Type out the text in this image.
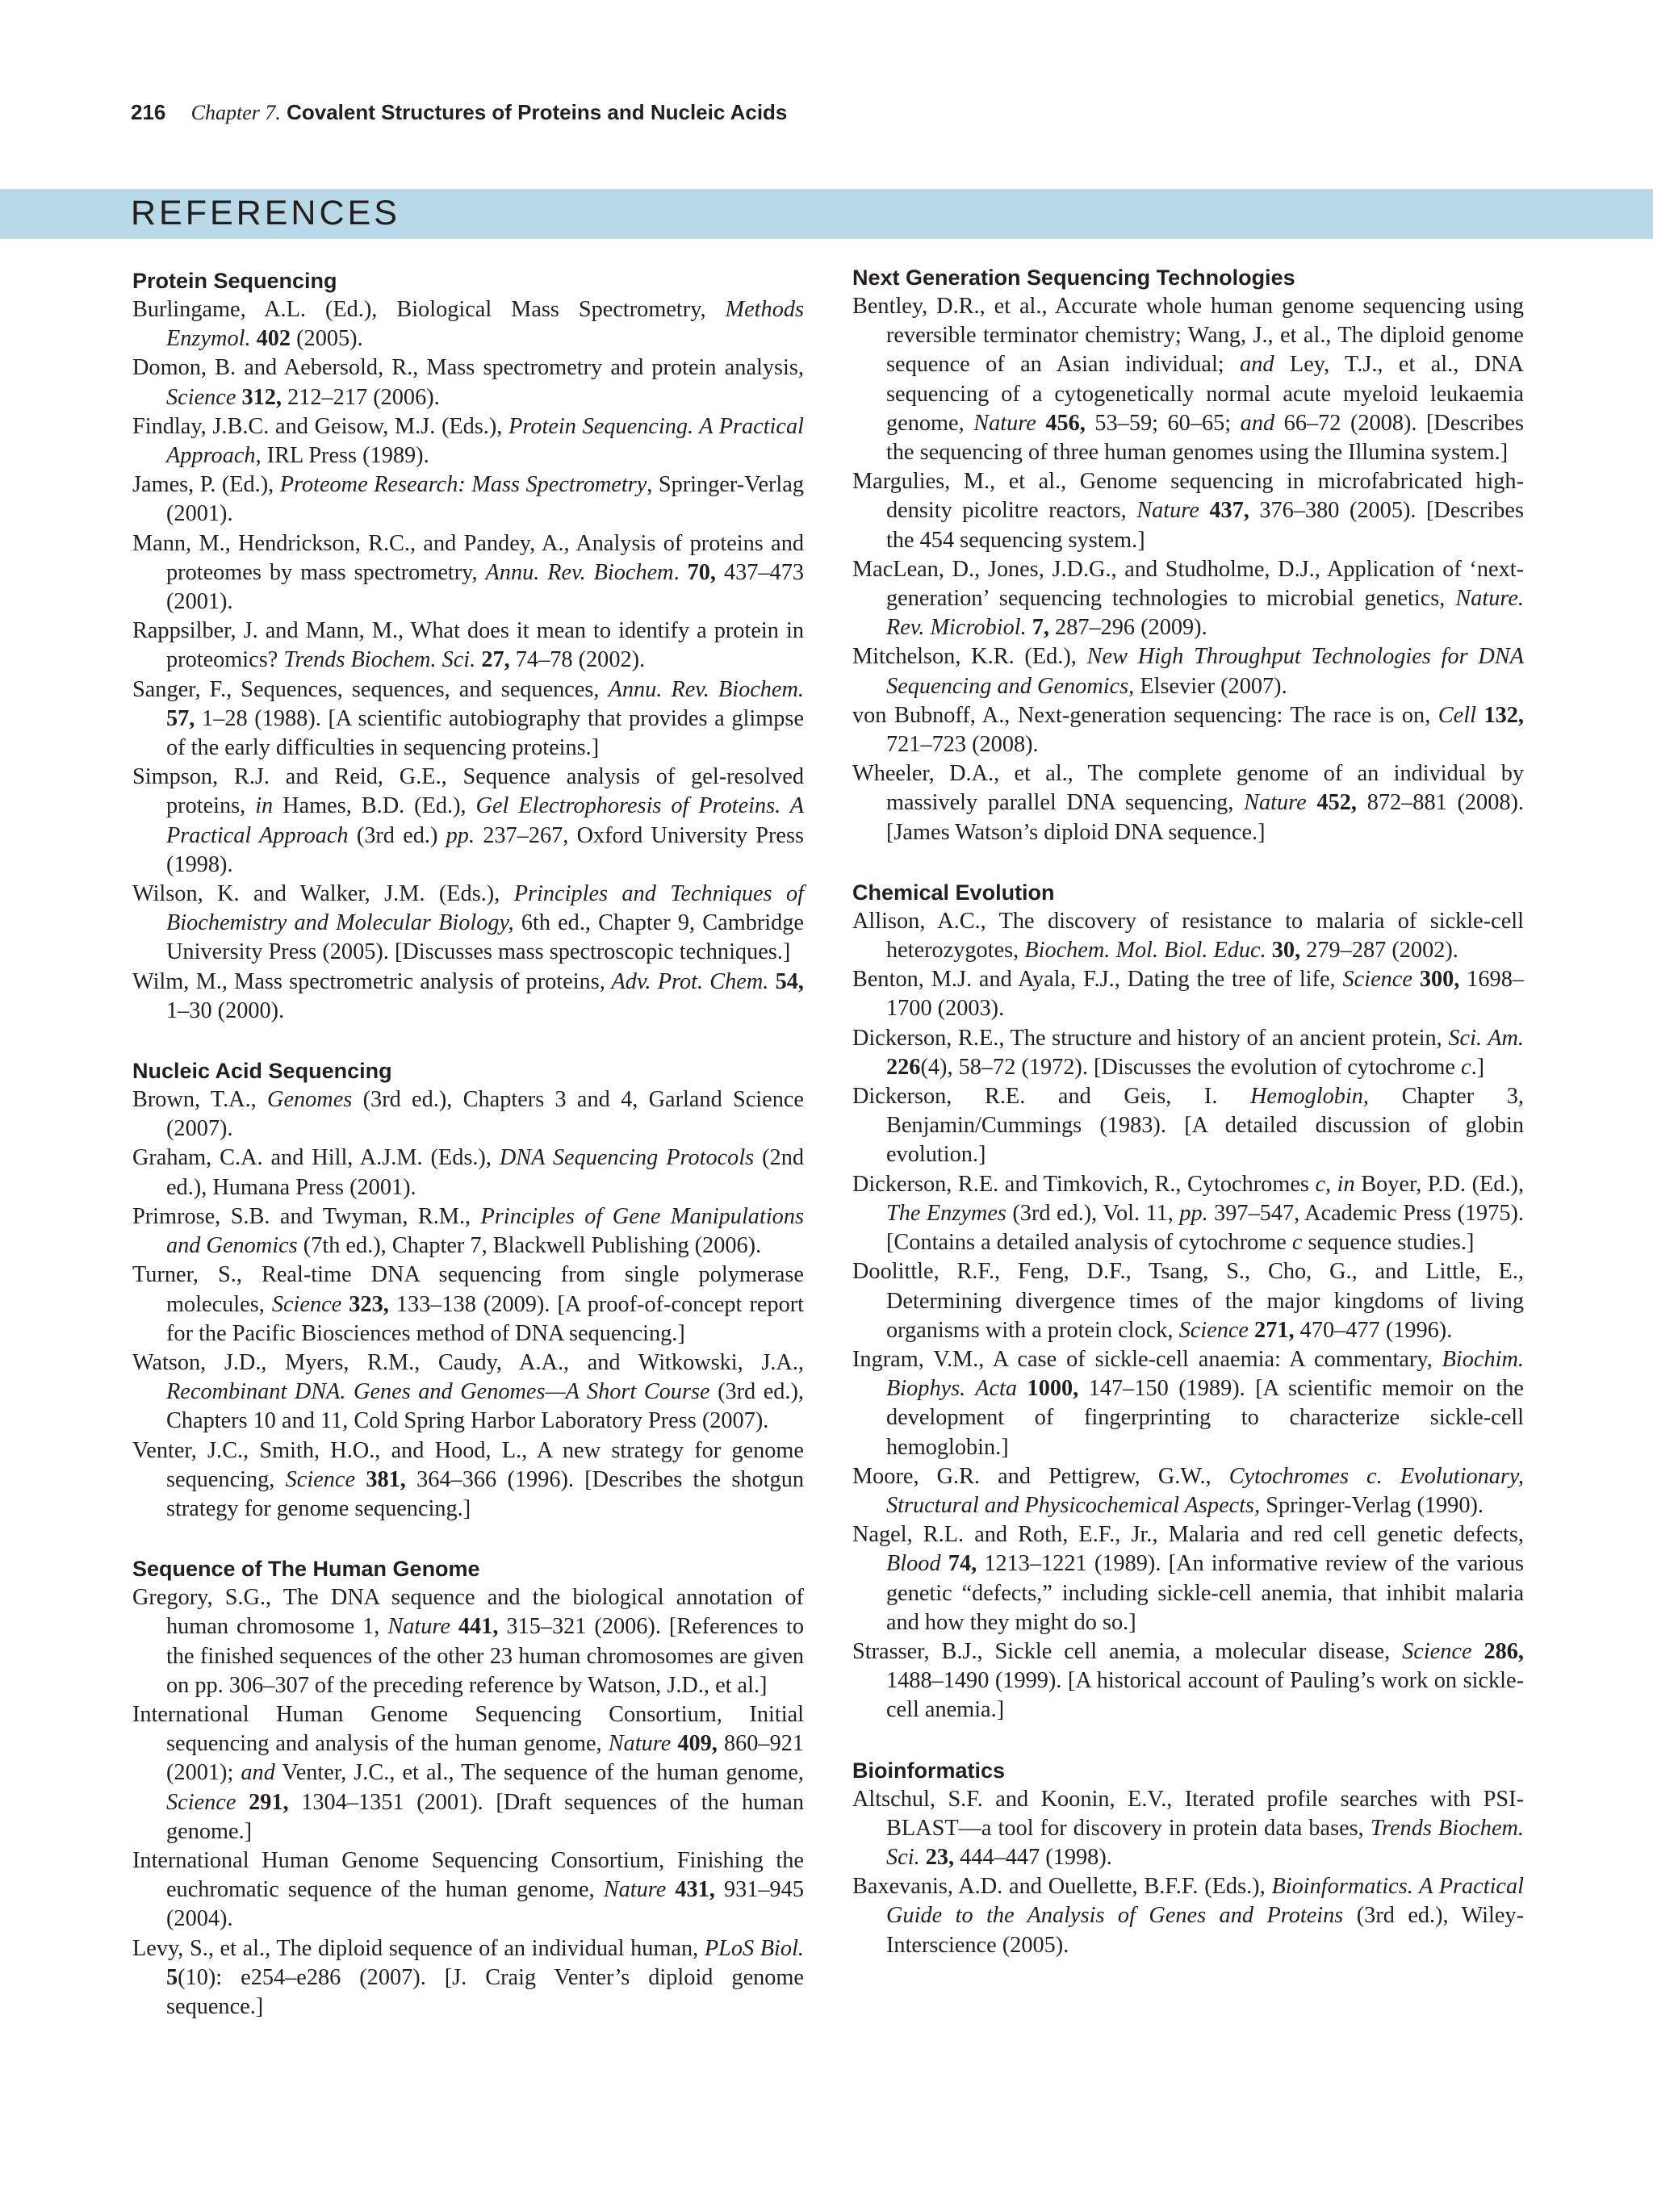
216 Chapter 7. Covalent Structures of Proteins and Nucleic Acids
REFERENCES
Protein Sequencing

Burlingame, A.L. (Ed.), Biological Mass Spectrometry, Methods Enzymol. 402 (2005).

Domon, B. and Aebersold, R., Mass spectrometry and protein analysis, Science 312, 212–217 (2006).

Findlay, J.B.C. and Geisow, M.J. (Eds.), Protein Sequencing. A Practical Approach, IRL Press (1989).

James, P. (Ed.), Proteome Research: Mass Spectrometry, Springer-Verlag (2001).

Mann, M., Hendrickson, R.C., and Pandey, A., Analysis of proteins and proteomes by mass spectrometry, Annu. Rev. Biochem. 70, 437–473 (2001).

Rappsilber, J. and Mann, M., What does it mean to identify a protein in proteomics? Trends Biochem. Sci. 27, 74–78 (2002).

Sanger, F., Sequences, sequences, and sequences, Annu. Rev. Biochem. 57, 1–28 (1988). [A scientific autobiography that provides a glimpse of the early difficulties in sequencing proteins.]

Simpson, R.J. and Reid, G.E., Sequence analysis of gel-resolved proteins, in Hames, B.D. (Ed.), Gel Electrophoresis of Proteins. A Practical Approach (3rd ed.) pp. 237–267, Oxford University Press (1998).

Wilson, K. and Walker, J.M. (Eds.), Principles and Techniques of Biochemistry and Molecular Biology, 6th ed., Chapter 9, Cambridge University Press (2005). [Discusses mass spectroscopic techniques.]

Wilm, M., Mass spectrometric analysis of proteins, Adv. Prot. Chem. 54, 1–30 (2000).

Nucleic Acid Sequencing

Brown, T.A., Genomes (3rd ed.), Chapters 3 and 4, Garland Science (2007).

Graham, C.A. and Hill, A.J.M. (Eds.), DNA Sequencing Protocols (2nd ed.), Humana Press (2001).

Primrose, S.B. and Twyman, R.M., Principles of Gene Manipulations and Genomics (7th ed.), Chapter 7, Blackwell Publishing (2006).

Turner, S., Real-time DNA sequencing from single polymerase molecules, Science 323, 133–138 (2009). [A proof-of-concept report for the Pacific Biosciences method of DNA sequencing.]

Watson, J.D., Myers, R.M., Caudy, A.A., and Witkowski, J.A., Recombinant DNA. Genes and Genomes—A Short Course (3rd ed.), Chapters 10 and 11, Cold Spring Harbor Laboratory Press (2007).

Venter, J.C., Smith, H.O., and Hood, L., A new strategy for genome sequencing, Science 381, 364–366 (1996). [Describes the shotgun strategy for genome sequencing.]

Sequence of The Human Genome

Gregory, S.G., The DNA sequence and the biological annotation of human chromosome 1, Nature 441, 315–321 (2006). [References to the finished sequences of the other 23 human chromosomes are given on pp. 306–307 of the preceding reference by Watson, J.D., et al.]

International Human Genome Sequencing Consortium, Initial sequencing and analysis of the human genome, Nature 409, 860–921 (2001); and Venter, J.C., et al., The sequence of the human genome, Science 291, 1304–1351 (2001). [Draft sequences of the human genome.]

International Human Genome Sequencing Consortium, Finishing the euchromatic sequence of the human genome, Nature 431, 931–945 (2004).

Levy, S., et al., The diploid sequence of an individual human, PLoS Biol. 5(10): e254–e286 (2007). [J. Craig Venter’s diploid genome sequence.]

Next Generation Sequencing Technologies

Bentley, D.R., et al., Accurate whole human genome sequencing using reversible terminator chemistry; Wang, J., et al., The diploid genome sequence of an Asian individual; and Ley, T.J., et al., DNA sequencing of a cytogenetically normal acute myeloid leukaemia genome, Nature 456, 53–59; 60–65; and 66–72 (2008). [Describes the sequencing of three human genomes using the Illumina system.]

Margulies, M., et al., Genome sequencing in microfabricated high-density picolitre reactors, Nature 437, 376–380 (2005). [Describes the 454 sequencing system.]

MacLean, D., Jones, J.D.G., and Studholme, D.J., Application of ‘next-generation’ sequencing technologies to microbial genetics, Nature. Rev. Microbiol. 7, 287–296 (2009).

Mitchelson, K.R. (Ed.), New High Throughput Technologies for DNA Sequencing and Genomics, Elsevier (2007).

von Bubnoff, A., Next-generation sequencing: The race is on, Cell 132, 721–723 (2008).

Wheeler, D.A., et al., The complete genome of an individual by massively parallel DNA sequencing, Nature 452, 872–881 (2008). [James Watson’s diploid DNA sequence.]

Chemical Evolution

Allison, A.C., The discovery of resistance to malaria of sickle-cell heterozygotes, Biochem. Mol. Biol. Educ. 30, 279–287 (2002).

Benton, M.J. and Ayala, F.J., Dating the tree of life, Science 300, 1698–1700 (2003).

Dickerson, R.E., The structure and history of an ancient protein, Sci. Am. 226(4), 58–72 (1972). [Discusses the evolution of cytochrome c.]

Dickerson, R.E. and Geis, I. Hemoglobin, Chapter 3, Benjamin/Cummings (1983). [A detailed discussion of globin evolution.]

Dickerson, R.E. and Timkovich, R., Cytochromes c, in Boyer, P.D. (Ed.), The Enzymes (3rd ed.), Vol. 11, pp. 397–547, Academic Press (1975). [Contains a detailed analysis of cytochrome c sequence studies.]

Doolittle, R.F., Feng, D.F., Tsang, S., Cho, G., and Little, E., Determining divergence times of the major kingdoms of living organisms with a protein clock, Science 271, 470–477 (1996).

Ingram, V.M., A case of sickle-cell anaemia: A commentary, Biochim. Biophys. Acta 1000, 147–150 (1989). [A scientific memoir on the development of fingerprinting to characterize sickle-cell hemoglobin.]

Moore, G.R. and Pettigrew, G.W., Cytochromes c. Evolutionary, Structural and Physicochemical Aspects, Springer-Verlag (1990).

Nagel, R.L. and Roth, E.F., Jr., Malaria and red cell genetic defects, Blood 74, 1213–1221 (1989). [An informative review of the various genetic “defects,” including sickle-cell anemia, that inhibit malaria and how they might do so.]

Strasser, B.J., Sickle cell anemia, a molecular disease, Science 286, 1488–1490 (1999). [A historical account of Pauling’s work on sickle-cell anemia.]

Bioinformatics

Altschul, S.F. and Koonin, E.V., Iterated profile searches with PSI-BLAST—a tool for discovery in protein data bases, Trends Biochem. Sci. 23, 444–447 (1998).

Baxevanis, A.D. and Ouellette, B.F.F. (Eds.), Bioinformatics. A Practical Guide to the Analysis of Genes and Proteins (3rd ed.), Wiley-Interscience (2005).
